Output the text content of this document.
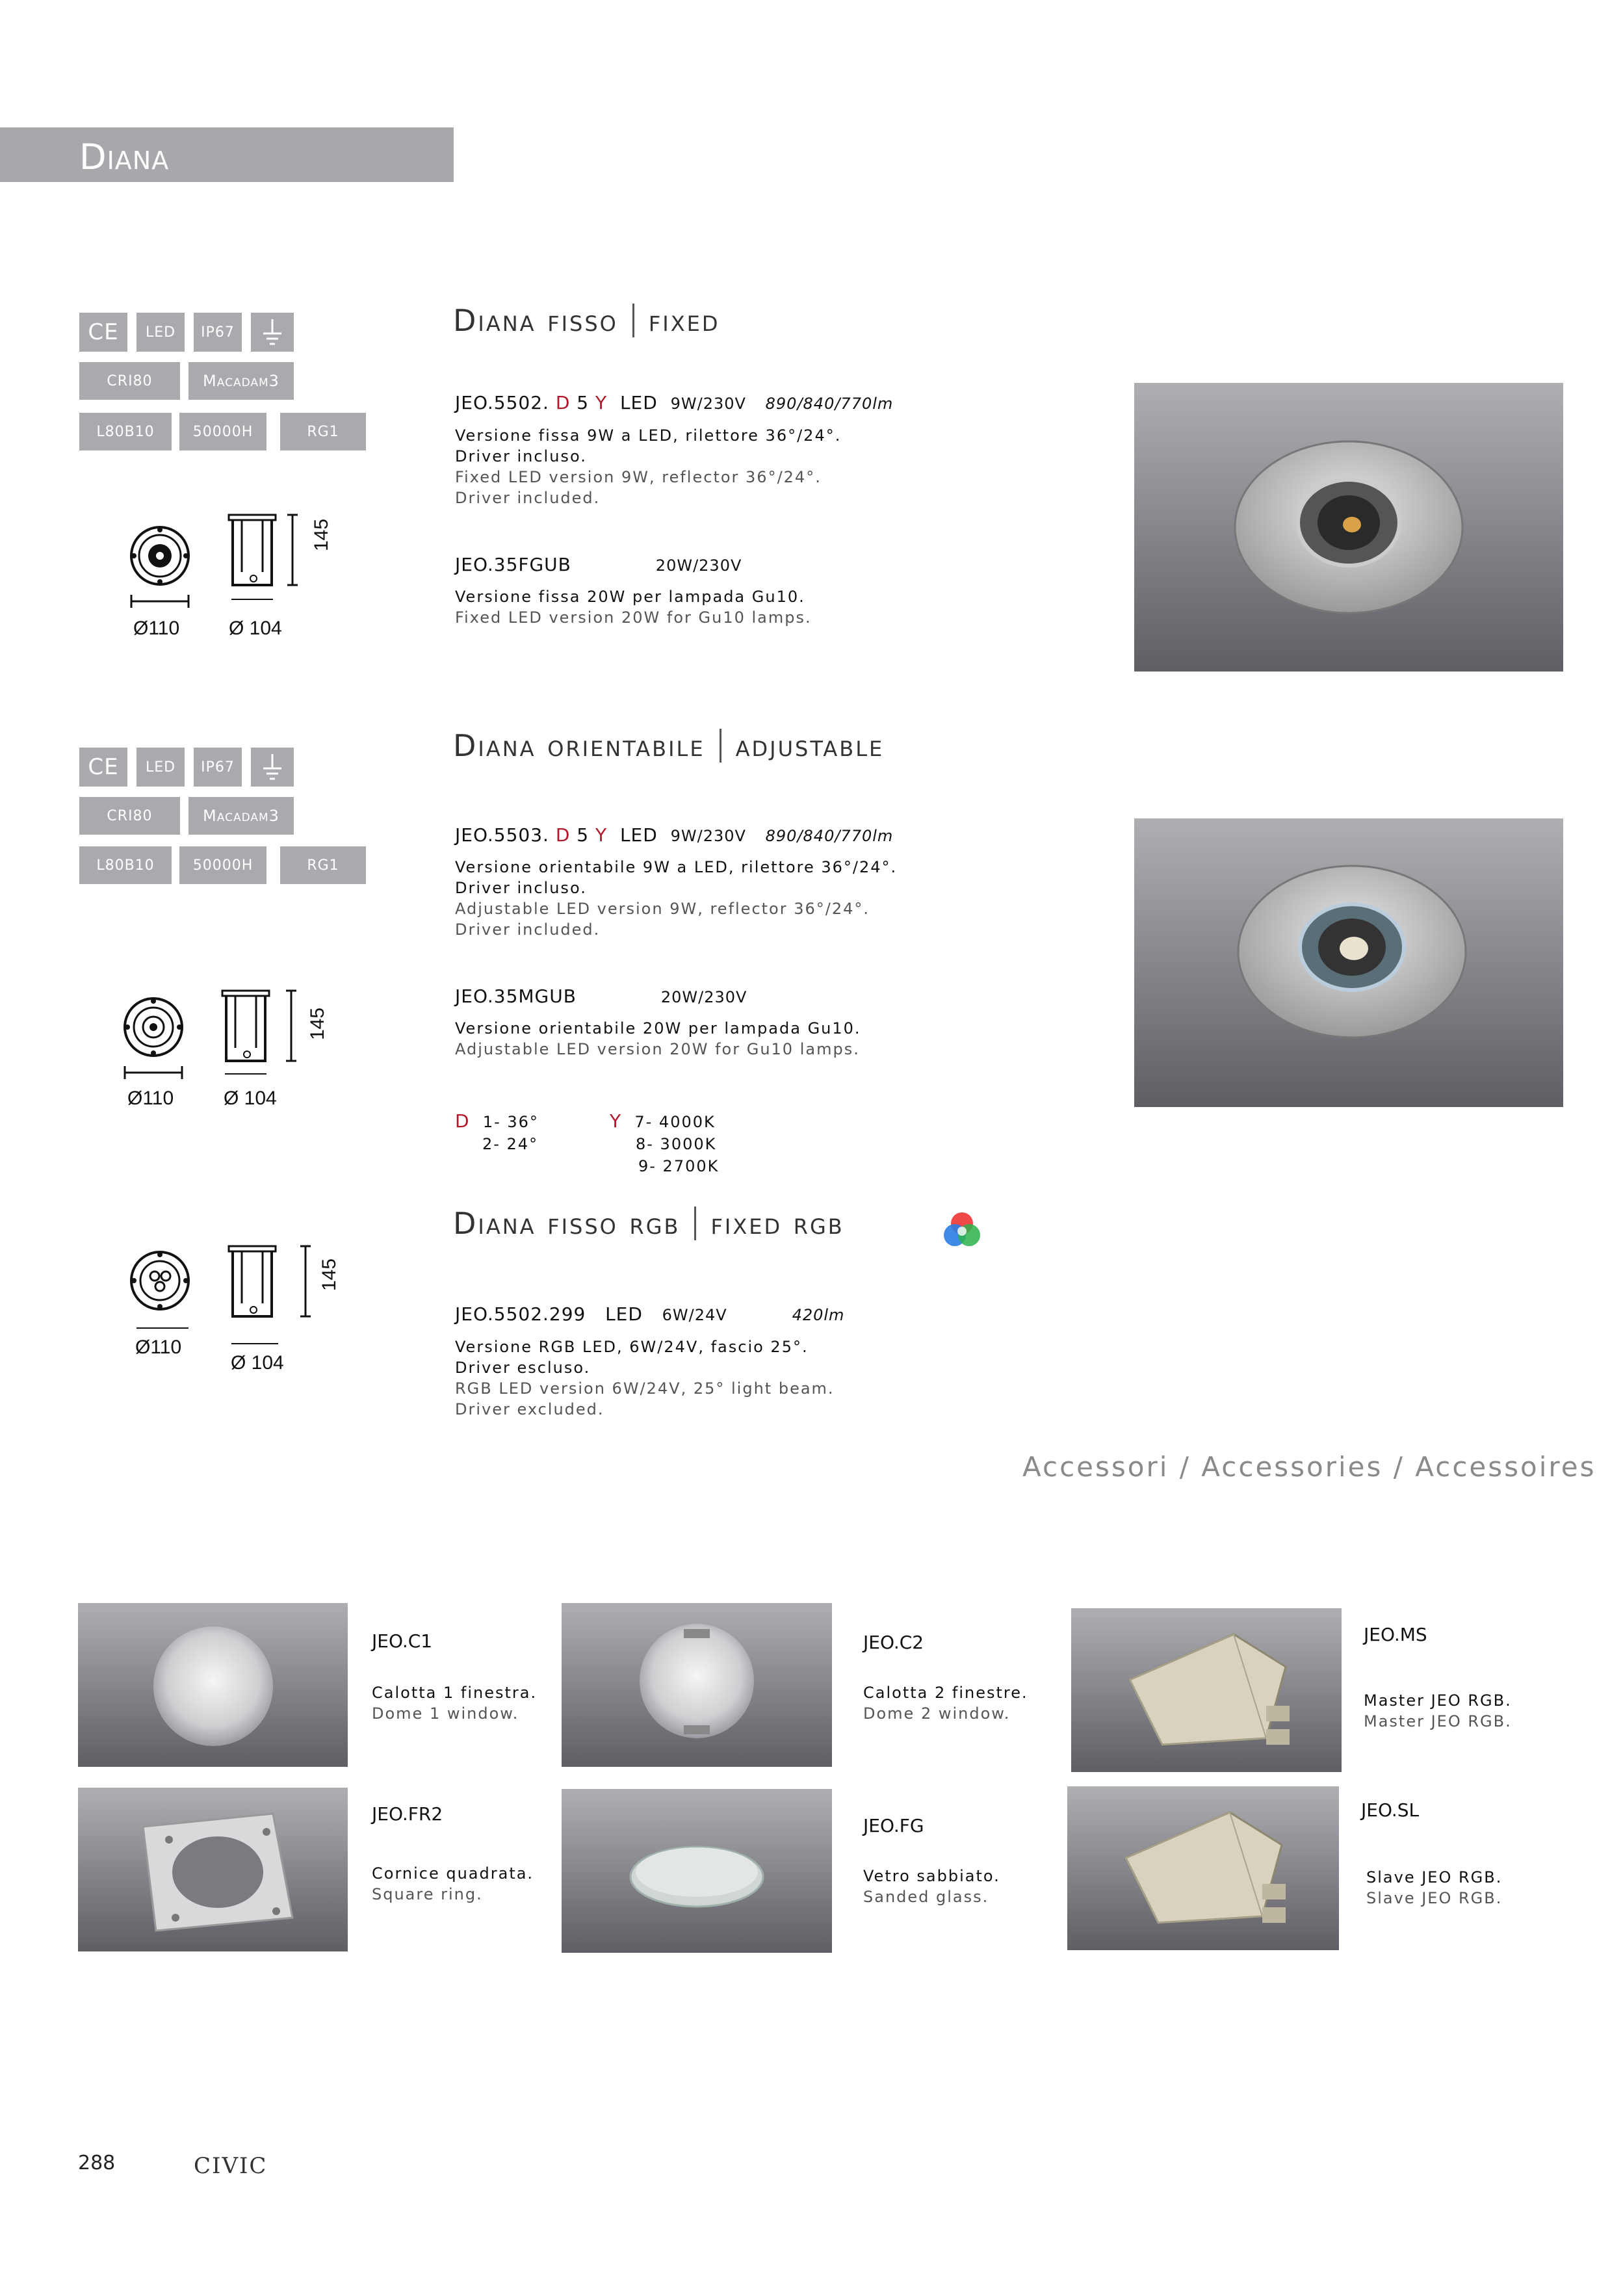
Diana
CE	LED	IP67
CRI80	Macadam3
L80B10	50000H	RG1
Ø110	Ø 104
145
Diana fisso fixed
JEO.5502. D 5 Y LED 9W/230V 890/840/770lm
Versione fissa 9W a LED, rilettore 36°/24°.
Driver incluso.
Fixed LED version 9W, reflector 36°/24°.
Driver included.
JEO.35FGUB	20W/230V
Versione fissa 20W per lampada Gu10.
Fixed LED version 20W for Gu10 lamps.
CE	LED	IP67
CRI80	Macadam3
L80B10	50000H	RG1
Ø110	Ø 104
145
Diana orientabile adjustable
JEO.5503. D 5 Y LED 9W/230V 890/840/770lm
Versione orientabile 9W a LED, rilettore 36°/24°.
Driver incluso.
Adjustable LED version 9W, reflector 36°/24°.
Driver included.
JEO.35MGUB	20W/230V
Versione orientabile 20W per lampada Gu10.
Adjustable LED version 20W for Gu10 lamps.
D 1- 36°
2- 24°
Y 7- 4000K
8- 3000K
9- 2700K
Ø110
Ø 104
145
Diana fisso rgb fixed rgb
JEO.5502.299 LED 6W/24V	420lm
Versione RGB LED, 6W/24V, fascio 25°.
Driver escluso.
RGB LED version 6W/24V, 25° light beam.
Driver excluded.
Accessori / Accessories / Accessoires
JEO.C1
Calotta 1 finestra.
Dome 1 window.
JEO.C2
Calotta 2 finestre.
Dome 2 window.
JEO.MS
Master JEO RGB.
Master JEO RGB.
JEO.FR2
Cornice quadrata.
Square ring.
JEO.FG
Vetro sabbiato.
Sanded glass.
JEO.SL
Slave JEO RGB.
Slave JEO RGB.
288	CIVIC
